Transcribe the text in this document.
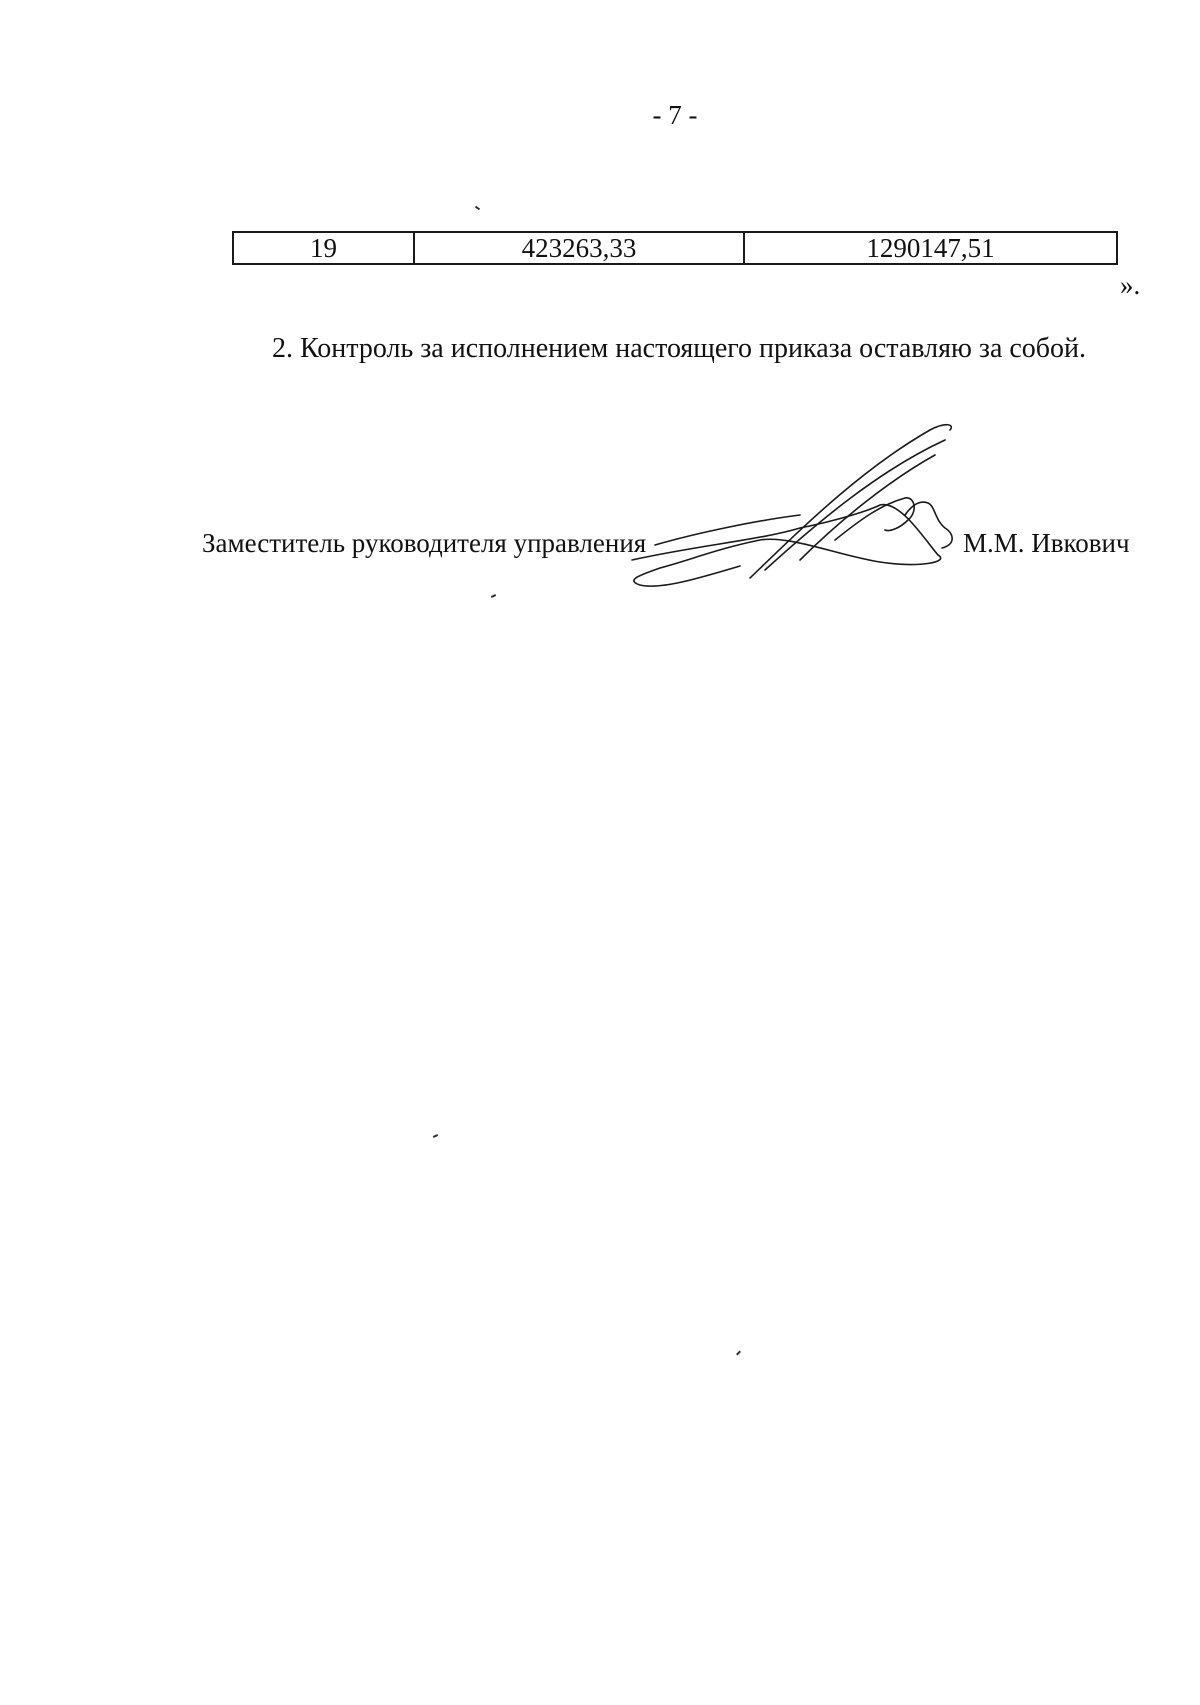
- 7 -
19	423263,33	1290147,51
».
2. Контроль за исполнением настоящего приказа оставляю за собой.
Заместитель руководителя управления	М.М. Ивкович
